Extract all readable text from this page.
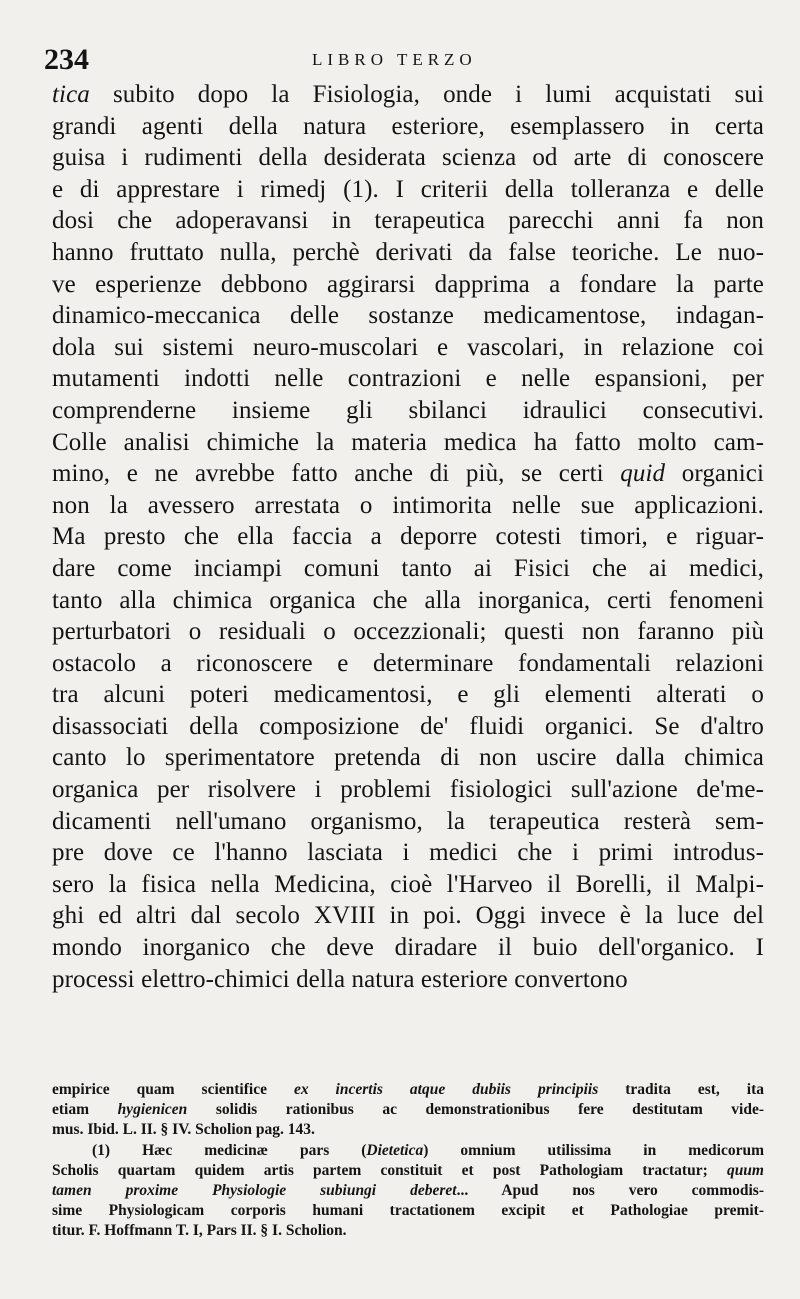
234	LIBRO TERZO
tica subito dopo la Fisiologia, onde i lumi acquistati sui
grandi agenti della natura esteriore, esemplassero in certa
guisa i rudimenti della desiderata scienza od arte di conoscere
e di apprestare i rimedj (1). I criterii della tolleranza e delle
dosi che adoperavansi in terapeutica parecchi anni fa non
hanno fruttato nulla, perchè derivati da false teoriche. Le nuo-
ve esperienze debbono aggirarsi dapprima a fondare la parte
dinamico-meccanica delle sostanze medicamentose, indagan-
dola sui sistemi neuro-muscolari e vascolari, in relazione coi
mutamenti indotti nelle contrazioni e nelle espansioni, per
comprenderne insieme gli sbilanci idraulici consecutivi.
Colle analisi chimiche la materia medica ha fatto molto cam-
mino, e ne avrebbe fatto anche di più, se certi quid organici
non la avessero arrestata o intimorita nelle sue applicazioni.
Ma presto che ella faccia a deporre cotesti timori, e riguar-
dare come inciampi comuni tanto ai Fisici che ai medici,
tanto alla chimica organica che alla inorganica, certi fenomeni
perturbatori o residuali o occezzionali; questi non faranno più
ostacolo a riconoscere e determinare fondamentali relazioni
tra alcuni poteri medicamentosi, e gli elementi alterati o
disassociati della composizione de' fluidi organici. Se d'altro
canto lo sperimentatore pretenda di non uscire dalla chimica
organica per risolvere i problemi fisiologici sull'azione de'me-
dicamenti nell'umano organismo, la terapeutica resterà sem-
pre dove ce l'hanno lasciata i medici che i primi introdus-
sero la fisica nella Medicina, cioè l'Harveo il Borelli, il Malpi-
ghi ed altri dal secolo XVIII in poi. Oggi invece è la luce del
mondo inorganico che deve diradare il buio dell'organico. I
processi elettro-chimici della natura esteriore convertono
empirice quam scientifice ex incertis atque dubiis principiis tradita est, ita
etiam hygienicen solidis rationibus ac demonstrationibus fere destitutam vide-
mus. Ibid. L. II. § IV. Scholion pag. 143.
(1) Hæc medicinæ pars (Dietetica) omnium utilissima in medicorum
Scholis quartam quidem artis partem constituit et post Pathologiam tractatur; quum
tamen proxime Physiologie subiungi deberet... Apud nos vero commodis-
sime Physiologicam corporis humani tractationem excipit et Pathologiae premit-
titur. F. Hoffmann T. I, Pars II. § I. Scholion.
